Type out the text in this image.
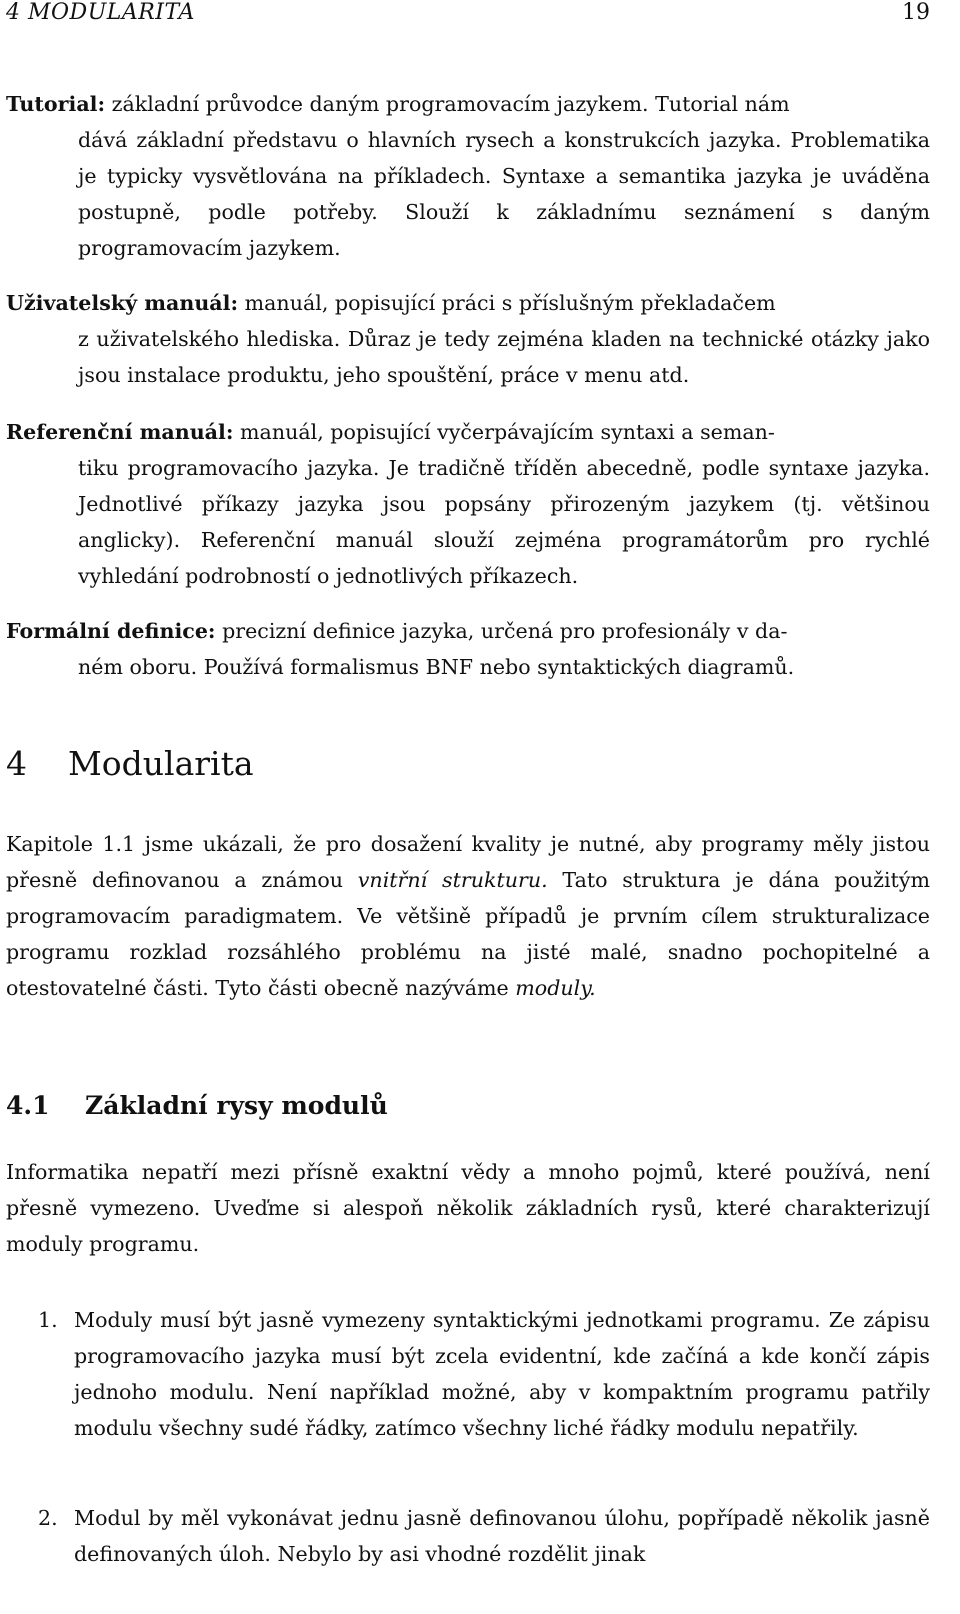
4 MODULARITA	19

Tutorial: základní průvodce daným programovacím jazykem. Tutorial nám
dává základní představu o hlavních rysech a konstrukcích jazyka. Problematika je typicky vysvětlována na příkladech. Syntaxe a semantika jazyka je uváděna postupně, podle potřeby. Slouží k základnímu seznámení s daným programovacím jazykem.

Uživatelský manuál: manuál, popisující práci s příslušným překladačem
z uživatelského hlediska. Důraz je tedy zejména kladen na technické otázky jako jsou instalace produktu, jeho spouštění, práce v menu atd.

Referenční manuál: manuál, popisující vyčerpávajícím syntaxi a seman-
tiku programovacího jazyka. Je tradičně tříděn abecedně, podle syntaxe jazyka. Jednotlivé příkazy jazyka jsou popsány přirozeným jazykem (tj. většinou anglicky). Referenční manuál slouží zejména programátorům pro rychlé vyhledání podrobností o jednotlivých příkazech.

Formální definice: precizní definice jazyka, určená pro profesionály v da-
ném oboru. Používá formalismus BNF nebo syntaktických diagramů.

4 Modularita

Kapitole 1.1 jsme ukázali, že pro dosažení kvality je nutné, aby programy měly jistou přesně definovanou a známou vnitřní strukturu. Tato struktura je dána použitým programovacím paradigmatem. Ve většině případů je prvním cílem strukturalizace programu rozklad rozsáhlého problému na jisté malé, snadno pochopitelné a otestovatelné části. Tyto části obecně nazýváme moduly.

4.1 Základní rysy modulů

Informatika nepatří mezi přísně exaktní vědy a mnoho pojmů, které používá, není přesně vymezeno. Uveďme si alespoň několik základních rysů, které charakterizují moduly programu.

1. Moduly musí být jasně vymezeny syntaktickými jednotkami programu. Ze zápisu programovacího jazyka musí být zcela evidentní, kde začíná a kde končí zápis jednoho modulu. Není například možné, aby v kompaktním programu patřily modulu všechny sudé řádky, zatímco všechny liché řádky modulu nepatřily.
2. Modul by měl vykonávat jednu jasně definovanou úlohu, popřípadě několik jasně definovaných úloh. Nebylo by asi vhodné rozdělit jinak
